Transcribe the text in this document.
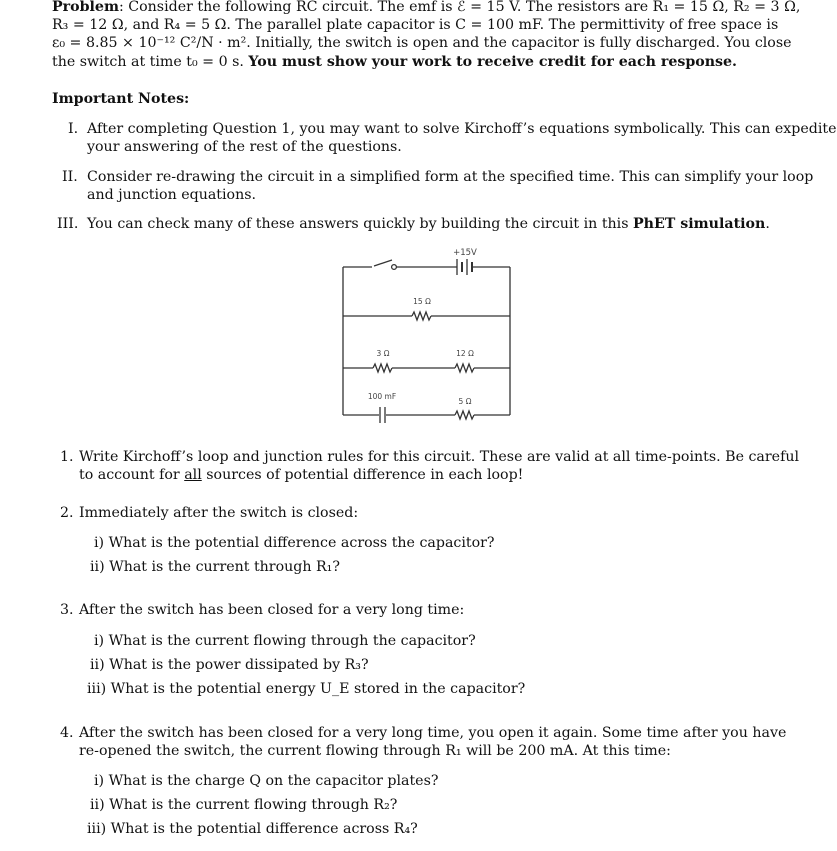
Problem: Consider the following RC circuit. The emf is ℰ = 15 V. The resistors are R₁ = 15 Ω, R₂ = 3 Ω,
R₃ = 12 Ω, and R₄ = 5 Ω. The parallel plate capacitor is C = 100 mF. The permittivity of free space is
ε₀ = 8.85 × 10⁻¹² C²/N · m². Initially, the switch is open and the capacitor is fully discharged. You close
the switch at time t₀ = 0 s. You must show your work to receive credit for each response.
Important Notes:
I. After completing Question 1, you may want to solve Kirchoff’s equations symbolically. This can expedite
your answering of the rest of the questions.
II. Consider re-drawing the circuit in a simplified form at the specified time. This can simplify your loop
and junction equations.
III. You can check many of these answers quickly by building the circuit in this PhET simulation.
+15V
15 Ω
3 Ω	12 Ω
100 mF
5 Ω
1. Write Kirchoff’s loop and junction rules for this circuit. These are valid at all time-points. Be careful
to account for all sources of potential difference in each loop!
2. Immediately after the switch is closed:
i) What is the potential difference across the capacitor?
ii) What is the current through R₁?
3. After the switch has been closed for a very long time:
i) What is the current flowing through the capacitor?
ii) What is the power dissipated by R₃?
iii) What is the potential energy U_E stored in the capacitor?
4. After the switch has been closed for a very long time, you open it again. Some time after you have
re-opened the switch, the current flowing through R₁ will be 200 mA. At this time:
i) What is the charge Q on the capacitor plates?
ii) What is the current flowing through R₂?
iii) What is the potential difference across R₄?
